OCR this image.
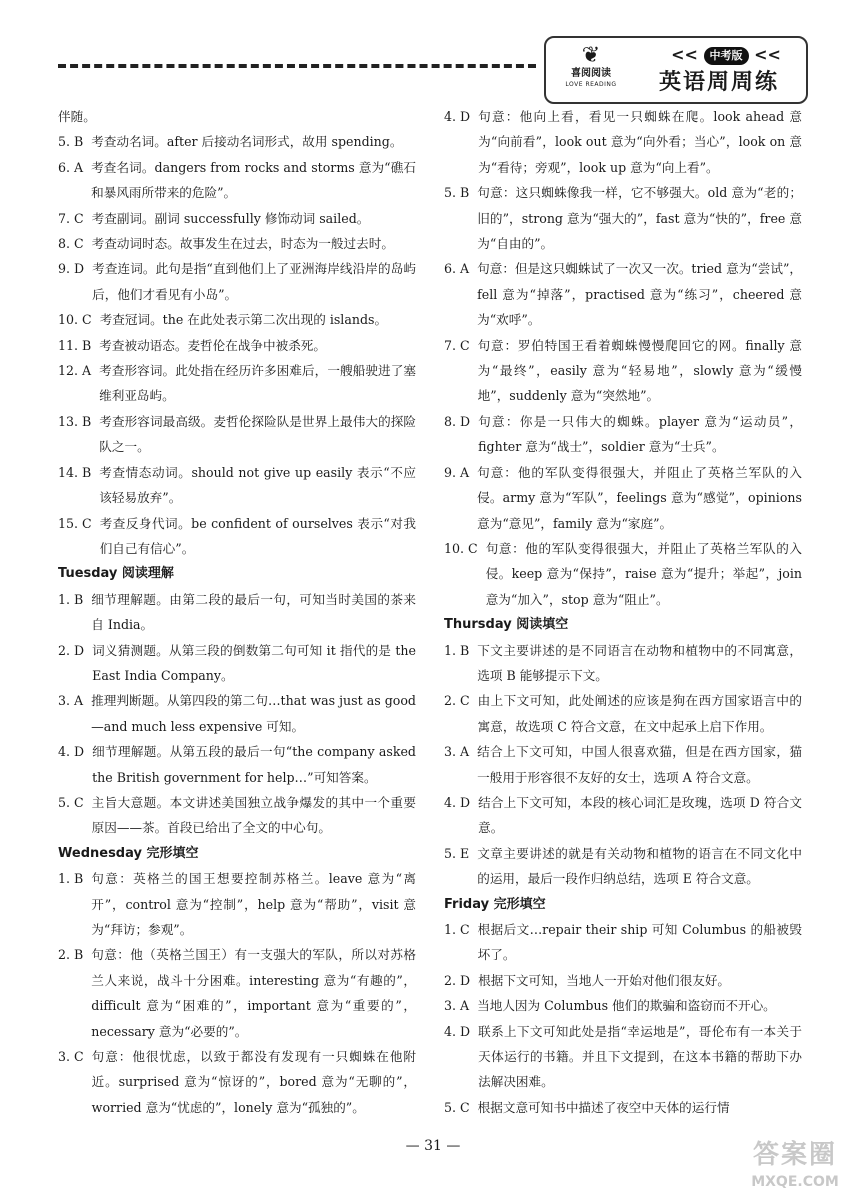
❦
喜阅阅读
LOVE READING
<< 中考版 <<
英语周周练
伴随。
5. B 考查动名词。after 后接动名词形式，故用 spending。
6. A 考查名词。dangers from rocks and storms 意为“礁石和暴风雨所带来的危险”。
7. C 考查副词。副词 successfully 修饰动词 sailed。
8. C 考查动词时态。故事发生在过去，时态为一般过去时。
9. D 考查连词。此句是指“直到他们上了亚洲海岸线沿岸的岛屿后，他们才看见有小岛”。
10. C 考查冠词。the 在此处表示第二次出现的 islands。
11. B 考查被动语态。麦哲伦在战争中被杀死。
12. A 考查形容词。此处指在经历许多困难后，一艘船驶进了塞维利亚岛屿。
13. B 考查形容词最高级。麦哲伦探险队是世界上最伟大的探险队之一。
14. B 考查情态动词。should not give up easily 表示“不应该轻易放弃”。
15. C 考查反身代词。be confident of ourselves 表示“对我们自己有信心”。
Tuesday 阅读理解
1. B 细节理解题。由第二段的最后一句，可知当时美国的茶来自 India。
2. D 词义猜测题。从第三段的倒数第二句可知 it 指代的是 the East India Company。
3. A 推理判断题。从第四段的第二句…that was just as good—and much less expensive 可知。
4. D 细节理解题。从第五段的最后一句“the company asked the British government for help…”可知答案。
5. C 主旨大意题。本文讲述美国独立战争爆发的其中一个重要原因——茶。首段已给出了全文的中心句。
Wednesday 完形填空
1. B 句意：英格兰的国王想要控制苏格兰。leave 意为“离开”，control 意为“控制”，help 意为“帮助”，visit 意为“拜访；参观”。
2. B 句意：他（英格兰国王）有一支强大的军队，所以对苏格兰人来说，战斗十分困难。interesting 意为“有趣的”，difficult 意为“困难的”，important 意为“重要的”，necessary 意为“必要的”。
3. C 句意：他很忧虑，以致于都没有发现有一只蜘蛛在他附近。surprised 意为“惊讶的”，bored 意为“无聊的”，worried 意为“忧虑的”，lonely 意为“孤独的”。
4. D 句意：他向上看，看见一只蜘蛛在爬。look ahead 意为“向前看”，look out 意为“向外看；当心”，look on 意为“看待；旁观”，look up 意为“向上看”。
5. B 句意：这只蜘蛛像我一样，它不够强大。old 意为“老的；旧的”，strong 意为“强大的”，fast 意为“快的”，free 意为“自由的”。
6. A 句意：但是这只蜘蛛试了一次又一次。tried 意为“尝试”，fell 意为“掉落”，practised 意为“练习”，cheered 意为“欢呼”。
7. C 句意：罗伯特国王看着蜘蛛慢慢爬回它的网。finally 意为“最终”，easily 意为“轻易地”，slowly 意为“缓慢地”，suddenly 意为“突然地”。
8. D 句意：你是一只伟大的蜘蛛。player 意为“运动员”，fighter 意为“战士”，soldier 意为“士兵”。
9. A 句意：他的军队变得很强大，并阻止了英格兰军队的入侵。army 意为“军队”，feelings 意为“感觉”，opinions 意为“意见”，family 意为“家庭”。
10. C 句意：他的军队变得很强大，并阻止了英格兰军队的入侵。keep 意为“保持”，raise 意为“提升；举起”，join 意为“加入”，stop 意为“阻止”。
Thursday 阅读填空
1. B 下文主要讲述的是不同语言在动物和植物中的不同寓意，选项 B 能够提示下文。
2. C 由上下文可知，此处阐述的应该是狗在西方国家语言中的寓意，故选项 C 符合文意，在文中起承上启下作用。
3. A 结合上下文可知，中国人很喜欢猫，但是在西方国家，猫一般用于形容很不友好的女士，选项 A 符合文意。
4. D 结合上下文可知，本段的核心词汇是玫瑰，选项 D 符合文意。
5. E 文章主要讲述的就是有关动物和植物的语言在不同文化中的运用，最后一段作归纳总结，选项 E 符合文意。
Friday 完形填空
1. C 根据后文…repair their ship 可知 Columbus 的船被毁坏了。
2. D 根据下文可知，当地人一开始对他们很友好。
3. A 当地人因为 Columbus 他们的欺骗和盗窃而不开心。
4. D 联系上下文可知此处是指“幸运地是”，哥伦布有一本关于天体运行的书籍。并且下文提到，在这本书籍的帮助下办法解决困难。
5. C 根据文意可知书中描述了夜空中天体的运行情
— 31 —	答案圈
MXQE.COM
